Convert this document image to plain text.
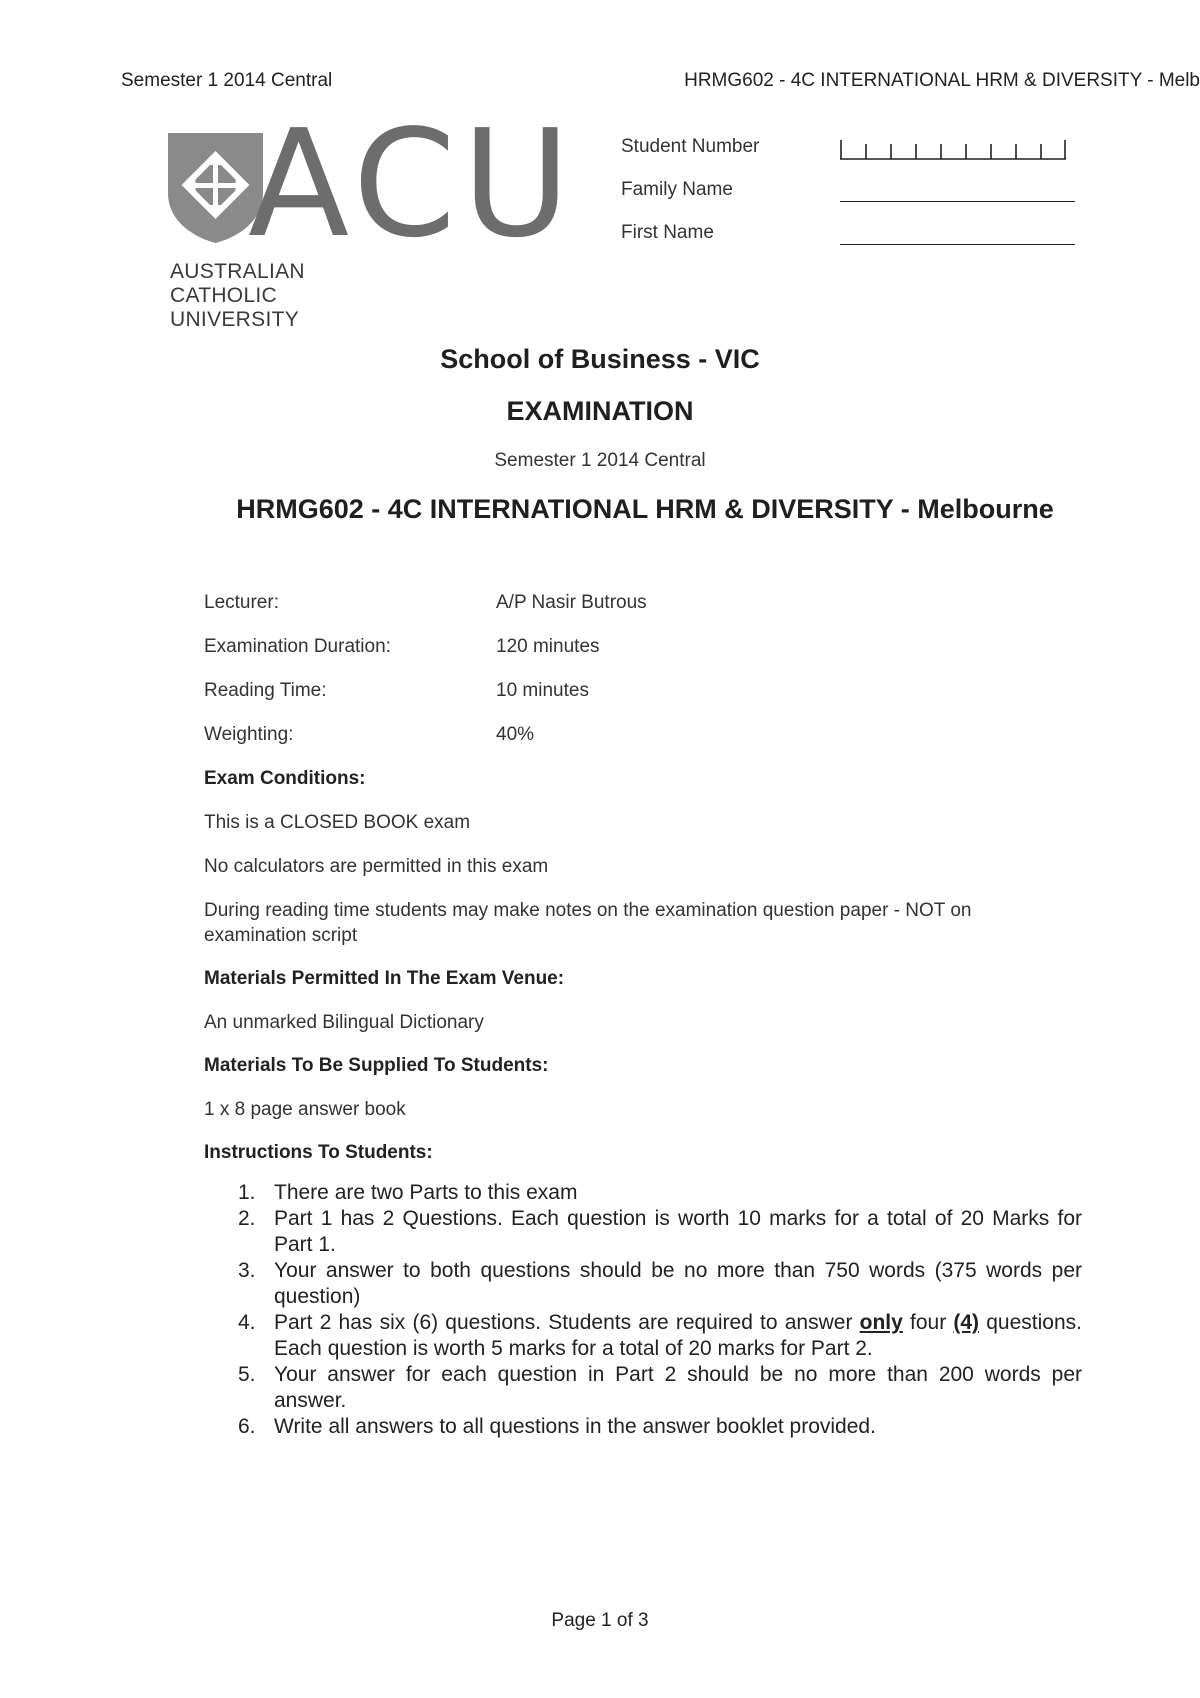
Semester 1 2014 Central	HRMG602 - 4C INTERNATIONAL HRM & DIVERSITY - Melb
ACU
AUSTRALIAN CATHOLIC UNIVERSITY
Student Number
Family Name
First Name
School of Business - VIC
EXAMINATION
Semester 1 2014 Central
HRMG602 - 4C INTERNATIONAL HRM & DIVERSITY - Melbourne
Lecturer:	A/P Nasir Butrous
Examination Duration:	120 minutes
Reading Time:	10 minutes
Weighting:	40%
Exam Conditions:
This is a CLOSED BOOK exam
No calculators are permitted in this exam
During reading time students may make notes on the examination question paper - NOT on
examination script
Materials Permitted In The Exam Venue:
An unmarked Bilingual Dictionary
Materials To Be Supplied To Students:
1 x 8 page answer book
Instructions To Students:
1. There are two Parts to this exam
2. Part 1 has 2 Questions. Each question is worth 10 marks for a total of 20 Marks for Part 1.
3. Your answer to both questions should be no more than 750 words (375 words per question)
4. Part 2 has six (6) questions. Students are required to answer only four (4) questions. Each question is worth 5 marks for a total of 20 marks for Part 2.
5. Your answer for each question in Part 2 should be no more than 200 words per answer.
6. Write all answers to all questions in the answer booklet provided.
Page 1 of 3
